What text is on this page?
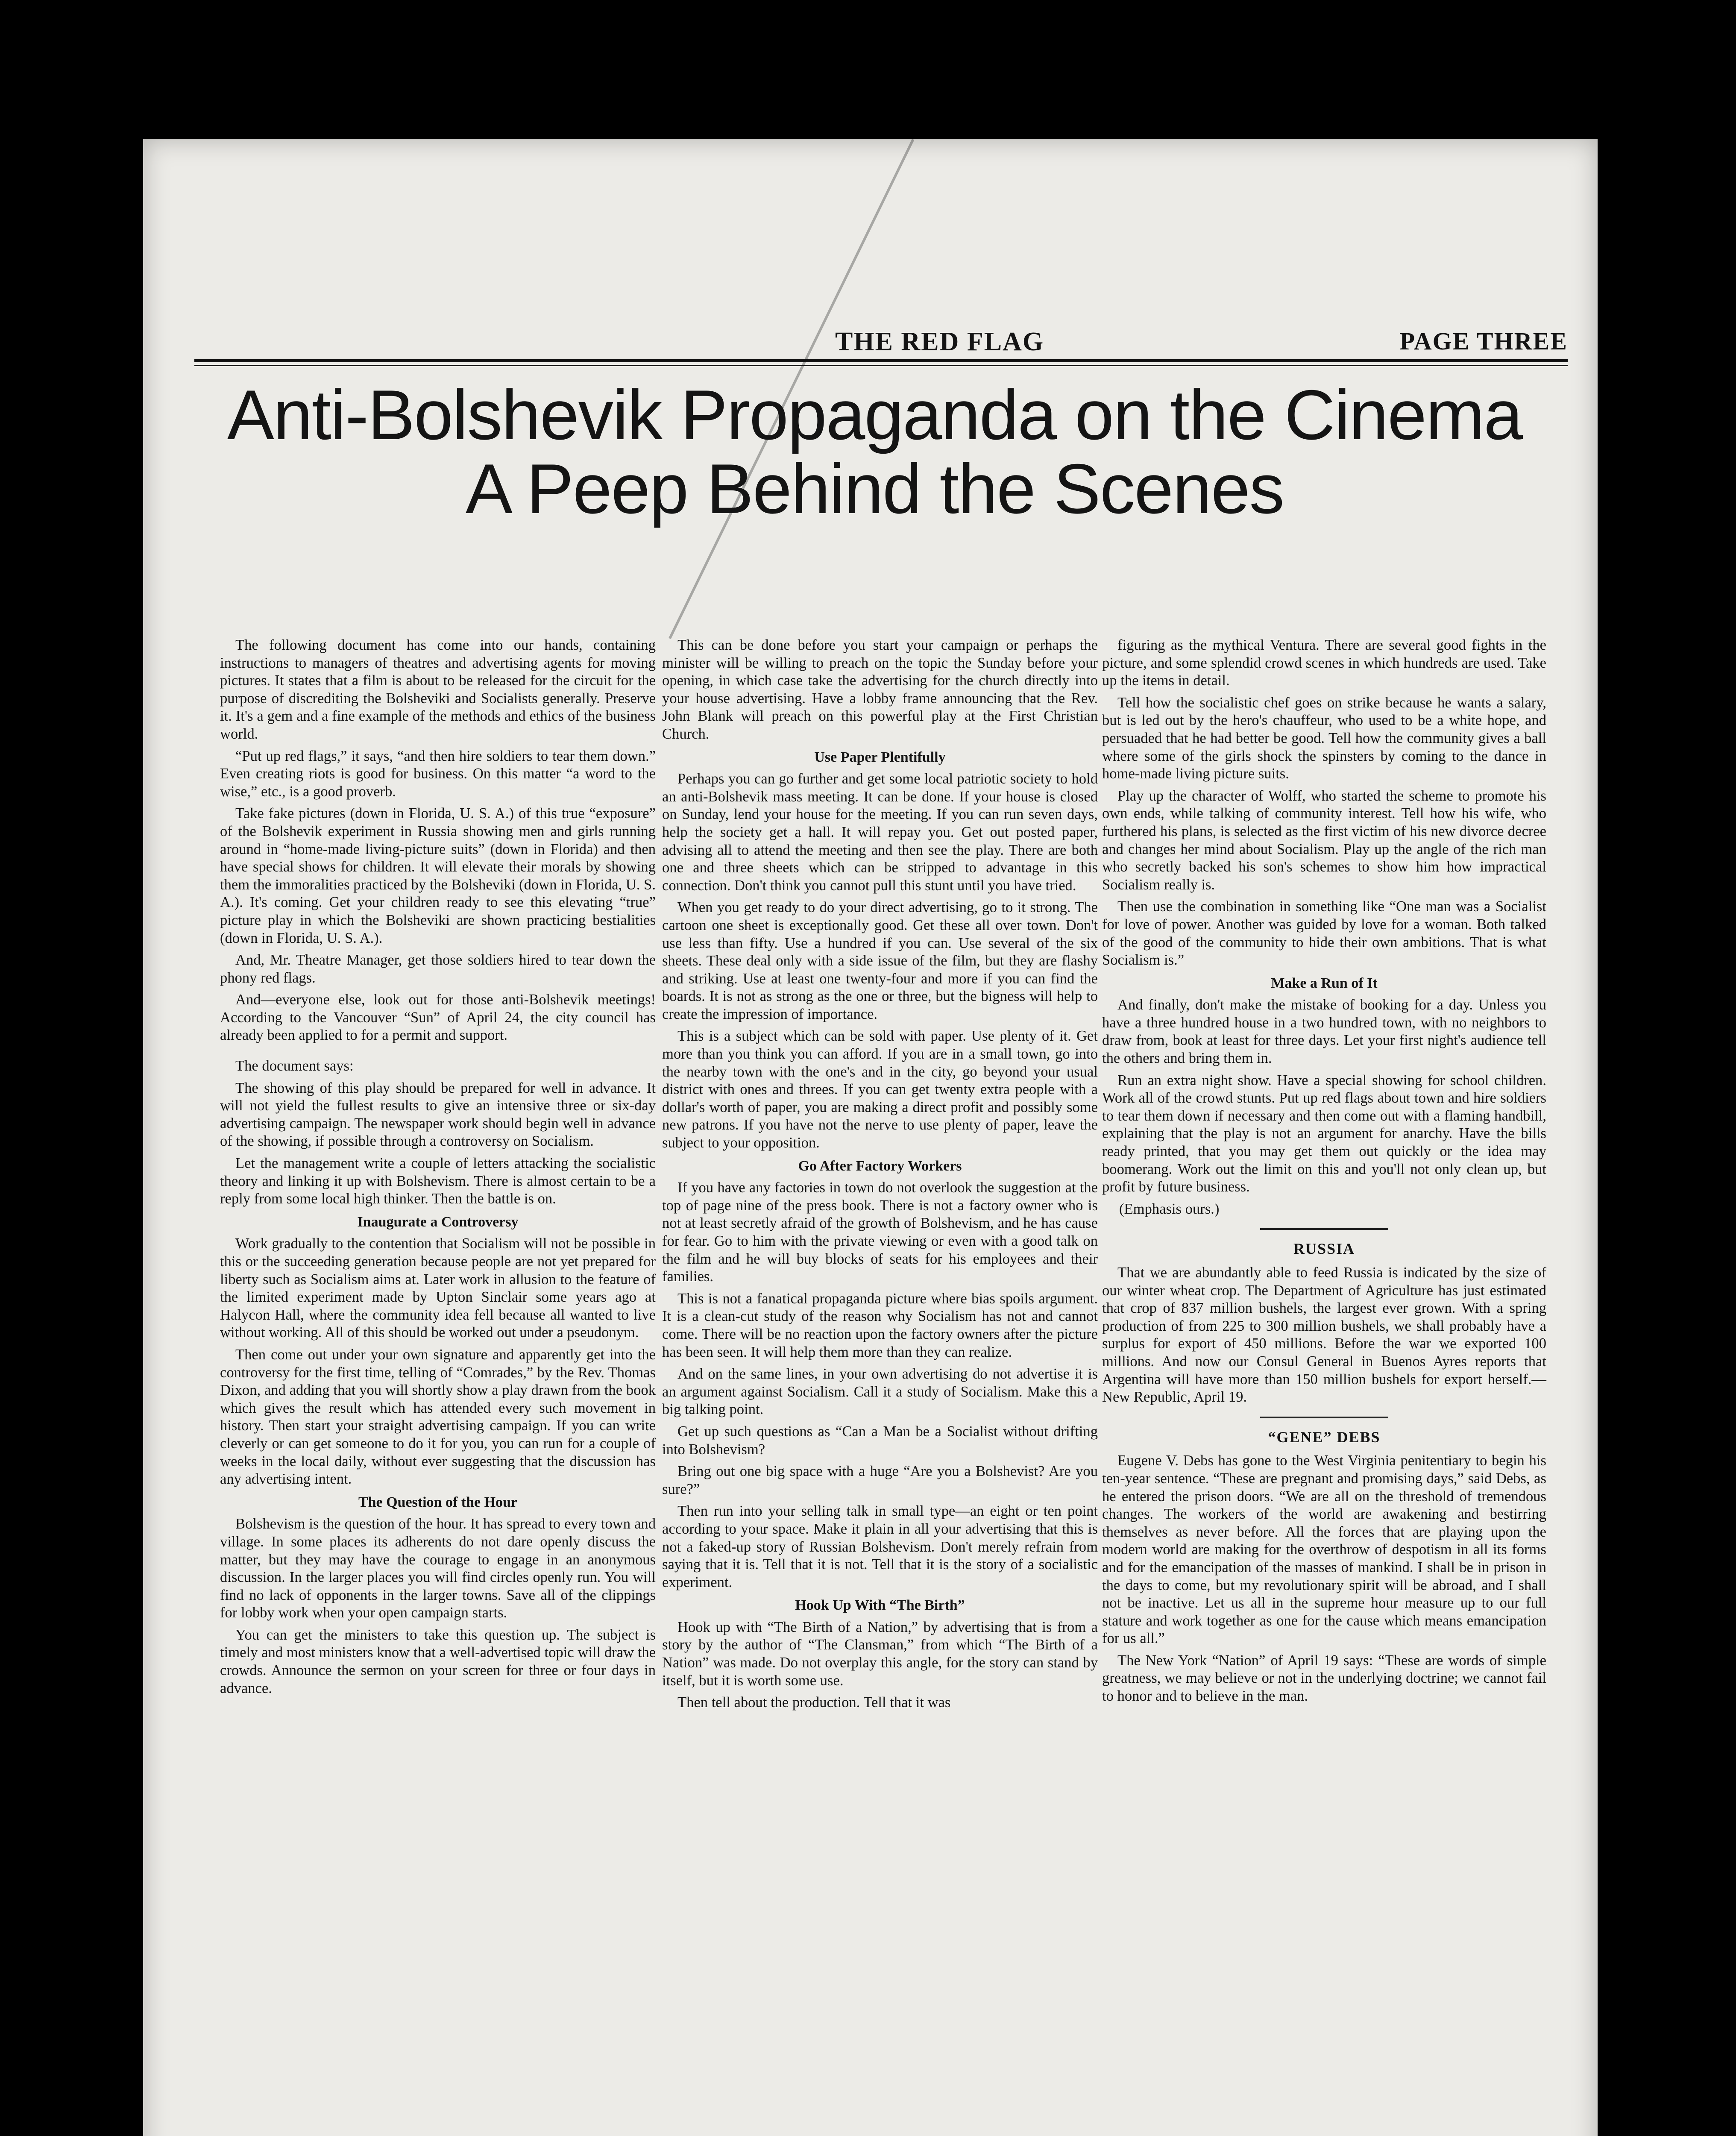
THE RED FLAG	PAGE THREE
Anti-Bolshevik Propaganda on the Cinema
A Peep Behind the Scenes

The following document has come into our hands, containing instructions to managers of theatres and advertising agents for moving pictures. It states that a film is about to be released for the circuit for the purpose of discrediting the Bolsheviki and Socialists generally. Preserve it. It's a gem and a fine example of the methods and ethics of the business world.

“Put up red flags,” it says, “and then hire soldiers to tear them down.” Even creating riots is good for business. On this matter “a word to the wise,” etc., is a good proverb.

Take fake pictures (down in Florida, U. S. A.) of this true “exposure” of the Bolshevik experiment in Russia showing men and girls running around in “home-made living-picture suits” (down in Florida) and then have special shows for children. It will elevate their morals by showing them the immoralities practiced by the Bolsheviki (down in Florida, U. S. A.). It's coming. Get your children ready to see this elevating “true” picture play in which the Bolsheviki are shown practicing bestialities (down in Florida, U. S. A.).

And, Mr. Theatre Manager, get those soldiers hired to tear down the phony red flags.

And—everyone else, look out for those anti-Bolshevik meetings! According to the Vancouver “Sun” of April 24, the city council has already been applied to for a permit and support.

The document says:

The showing of this play should be prepared for well in advance. It will not yield the fullest results to give an intensive three or six-day advertising campaign. The newspaper work should begin well in advance of the showing, if possible through a controversy on Socialism.

Let the management write a couple of letters attacking the socialistic theory and linking it up with Bolshevism. There is almost certain to be a reply from some local high thinker. Then the battle is on.

Inaugurate a Controversy

Work gradually to the contention that Socialism will not be possible in this or the succeeding generation because people are not yet prepared for liberty such as Socialism aims at. Later work in allusion to the feature of the limited experiment made by Upton Sinclair some years ago at Halycon Hall, where the community idea fell because all wanted to live without working. All of this should be worked out under a pseudonym.

Then come out under your own signature and apparently get into the controversy for the first time, telling of “Comrades,” by the Rev. Thomas Dixon, and adding that you will shortly show a play drawn from the book which gives the result which has attended every such movement in history. Then start your straight advertising campaign. If you can write cleverly or can get someone to do it for you, you can run for a couple of weeks in the local daily, without ever suggesting that the discussion has any advertising intent.

The Question of the Hour

Bolshevism is the question of the hour. It has spread to every town and village. In some places its adherents do not dare openly discuss the matter, but they may have the courage to engage in an anonymous discussion. In the larger places you will find circles openly run. You will find no lack of opponents in the larger towns. Save all of the clippings for lobby work when your open campaign starts.

You can get the ministers to take this question up. The subject is timely and most ministers know that a well-advertised topic will draw the crowds. Announce the sermon on your screen for three or four days in advance.

This can be done before you start your campaign or perhaps the minister will be willing to preach on the topic the Sunday before your opening, in which case take the advertising for the church directly into your house advertising. Have a lobby frame announcing that the Rev. John Blank will preach on this powerful play at the First Christian Church.

Use Paper Plentifully

Perhaps you can go further and get some local patriotic society to hold an anti-Bolshevik mass meeting. It can be done. If your house is closed on Sunday, lend your house for the meeting. If you can run seven days, help the society get a hall. It will repay you. Get out posted paper, advising all to attend the meeting and then see the play. There are both one and three sheets which can be stripped to advantage in this connection. Don't think you cannot pull this stunt until you have tried.

When you get ready to do your direct advertising, go to it strong. The cartoon one sheet is exceptionally good. Get these all over town. Don't use less than fifty. Use a hundred if you can. Use several of the six sheets. These deal only with a side issue of the film, but they are flashy and striking. Use at least one twenty-four and more if you can find the boards. It is not as strong as the one or three, but the bigness will help to create the impression of importance.

This is a subject which can be sold with paper. Use plenty of it. Get more than you think you can afford. If you are in a small town, go into the nearby town with the one's and in the city, go beyond your usual district with ones and threes. If you can get twenty extra people with a dollar's worth of paper, you are making a direct profit and possibly some new patrons. If you have not the nerve to use plenty of paper, leave the subject to your opposition.

Go After Factory Workers

If you have any factories in town do not overlook the suggestion at the top of page nine of the press book. There is not a factory owner who is not at least secretly afraid of the growth of Bolshevism, and he has cause for fear. Go to him with the private viewing or even with a good talk on the film and he will buy blocks of seats for his employees and their families.

This is not a fanatical propaganda picture where bias spoils argument. It is a clean-cut study of the reason why Socialism has not and cannot come. There will be no reaction upon the factory owners after the picture has been seen. It will help them more than they can realize.

And on the same lines, in your own advertising do not advertise it is an argument against Socialism. Call it a study of Socialism. Make this a big talking point.

Get up such questions as “Can a Man be a Socialist without drifting into Bolshevism?

Bring out one big space with a huge “Are you a Bolshevist? Are you sure?”

Then run into your selling talk in small type—an eight or ten point according to your space. Make it plain in all your advertising that this is not a faked-up story of Russian Bolshevism. Don't merely refrain from saying that it is. Tell that it is not. Tell that it is the story of a socialistic experiment.

Hook Up With “The Birth”

Hook up with “The Birth of a Nation,” by advertising that is from a story by the author of “The Clansman,” from which “The Birth of a Nation” was made. Do not overplay this angle, for the story can stand by itself, but it is worth some use.

Then tell about the production. Tell that it was

figuring as the mythical Ventura. There are several good fights in the picture, and some splendid crowd scenes in which hundreds are used. Take up the items in detail.

Tell how the socialistic chef goes on strike because he wants a salary, but is led out by the hero's chauffeur, who used to be a white hope, and persuaded that he had better be good. Tell how the community gives a ball where some of the girls shock the spinsters by coming to the dance in home-made living picture suits.

Play up the character of Wolff, who started the scheme to promote his own ends, while talking of community interest. Tell how his wife, who furthered his plans, is selected as the first victim of his new divorce decree and changes her mind about Socialism. Play up the angle of the rich man who secretly backed his son's schemes to show him how impractical Socialism really is.

Then use the combination in something like “One man was a Socialist for love of power. Another was guided by love for a woman. Both talked of the good of the community to hide their own ambitions. That is what Socialism is.”

Make a Run of It

And finally, don't make the mistake of booking for a day. Unless you have a three hundred house in a two hundred town, with no neighbors to draw from, book at least for three days. Let your first night's audience tell the others and bring them in.

Run an extra night show. Have a special showing for school children. Work all of the crowd stunts. Put up red flags about town and hire soldiers to tear them down if necessary and then come out with a flaming handbill, explaining that the play is not an argument for anarchy. Have the bills ready printed, that you may get them out quickly or the idea may boomerang. Work out the limit on this and you'll not only clean up, but profit by future business.

(Emphasis ours.)

RUSSIA

That we are abundantly able to feed Russia is indicated by the size of our winter wheat crop. The Department of Agriculture has just estimated that crop of 837 million bushels, the largest ever grown. With a spring production of from 225 to 300 million bushels, we shall probably have a surplus for export of 450 millions. Before the war we exported 100 millions. And now our Consul General in Buenos Ayres reports that Argentina will have more than 150 million bushels for export herself.—New Republic, April 19.

“GENE” DEBS

Eugene V. Debs has gone to the West Virginia penitentiary to begin his ten-year sentence. “These are pregnant and promising days,” said Debs, as he entered the prison doors. “We are all on the threshold of tremendous changes. The workers of the world are awakening and bestirring themselves as never before. All the forces that are playing upon the modern world are making for the overthrow of despotism in all its forms and for the emancipation of the masses of mankind. I shall be in prison in the days to come, but my revolutionary spirit will be abroad, and I shall not be inactive. Let us all in the supreme hour measure up to our full stature and work together as one for the cause which means emancipation for us all.”

The New York “Nation” of April 19 says: “These are words of simple greatness, we may believe or not in the underlying doctrine; we cannot fail to honor and to believe in the man.
